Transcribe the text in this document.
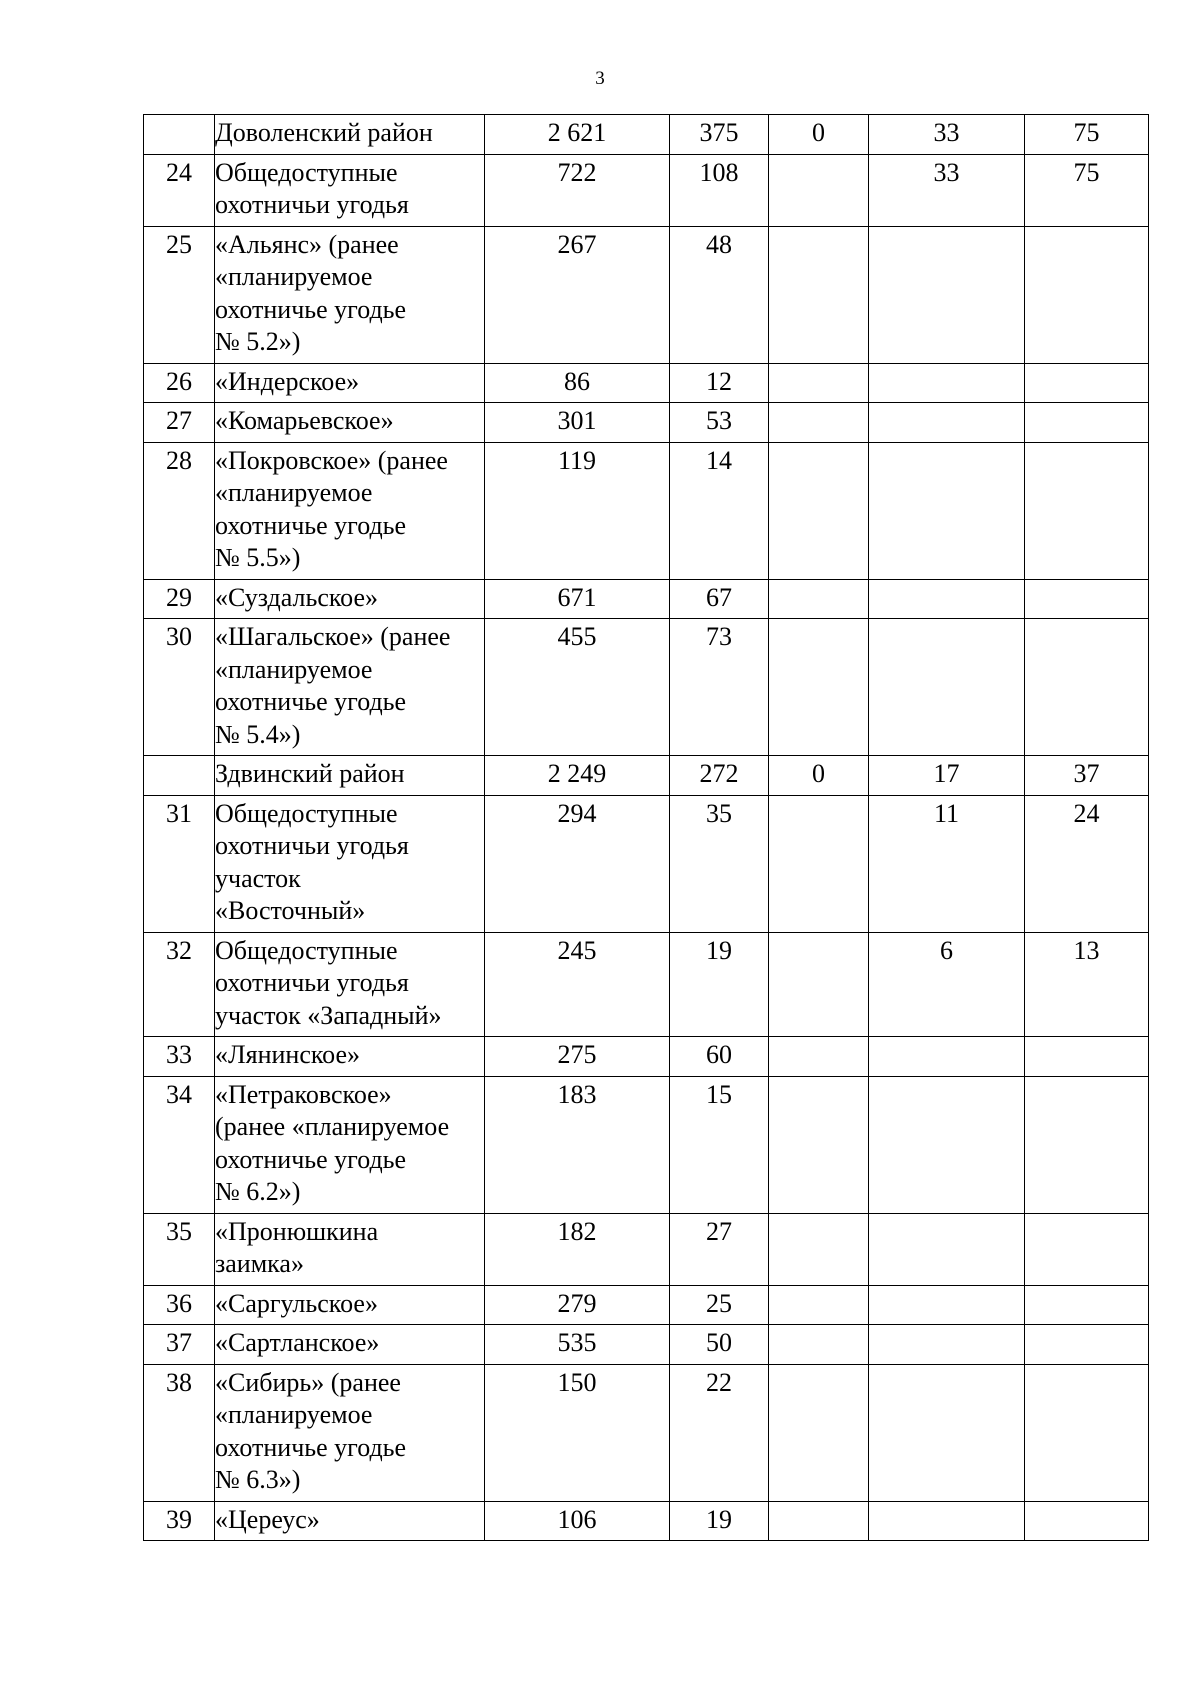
3

	Доволенский район	2 621	375	0	33	75
24	Общедоступные
охотничьи угодья	722	108		33	75
25	«Альянс» (ранее
«планируемое
охотничье угодье
№ 5.2»)	267	48			
26	«Индерское»	86	12			
27	«Комарьевское»	301	53			
28	«Покровское» (ранее
«планируемое
охотничье угодье
№ 5.5»)	119	14			
29	«Суздальское»	671	67			
30	«Шагальское» (ранее
«планируемое
охотничье угодье
№ 5.4»)	455	73			

	Здвинский район	2 249	272	0	17	37
31	Общедоступные
охотничьи угодья
участок
«Восточный»	294	35		11	24
32	Общедоступные
охотничьи угодья
участок «Западный»	245	19		6	13
33	«Лянинское»	275	60			
34	«Петраковское»
(ранее «планируемое
охотничье угодье
№ 6.2»)	183	15			
35	«Пронюшкина
заимка»	182	27			
36	«Саргульское»	279	25			
37	«Сартланское»	535	50			
38	«Сибирь» (ранее
«планируемое
охотничье угодье
№ 6.3»)	150	22			
39	«Цереус»	106	19			
